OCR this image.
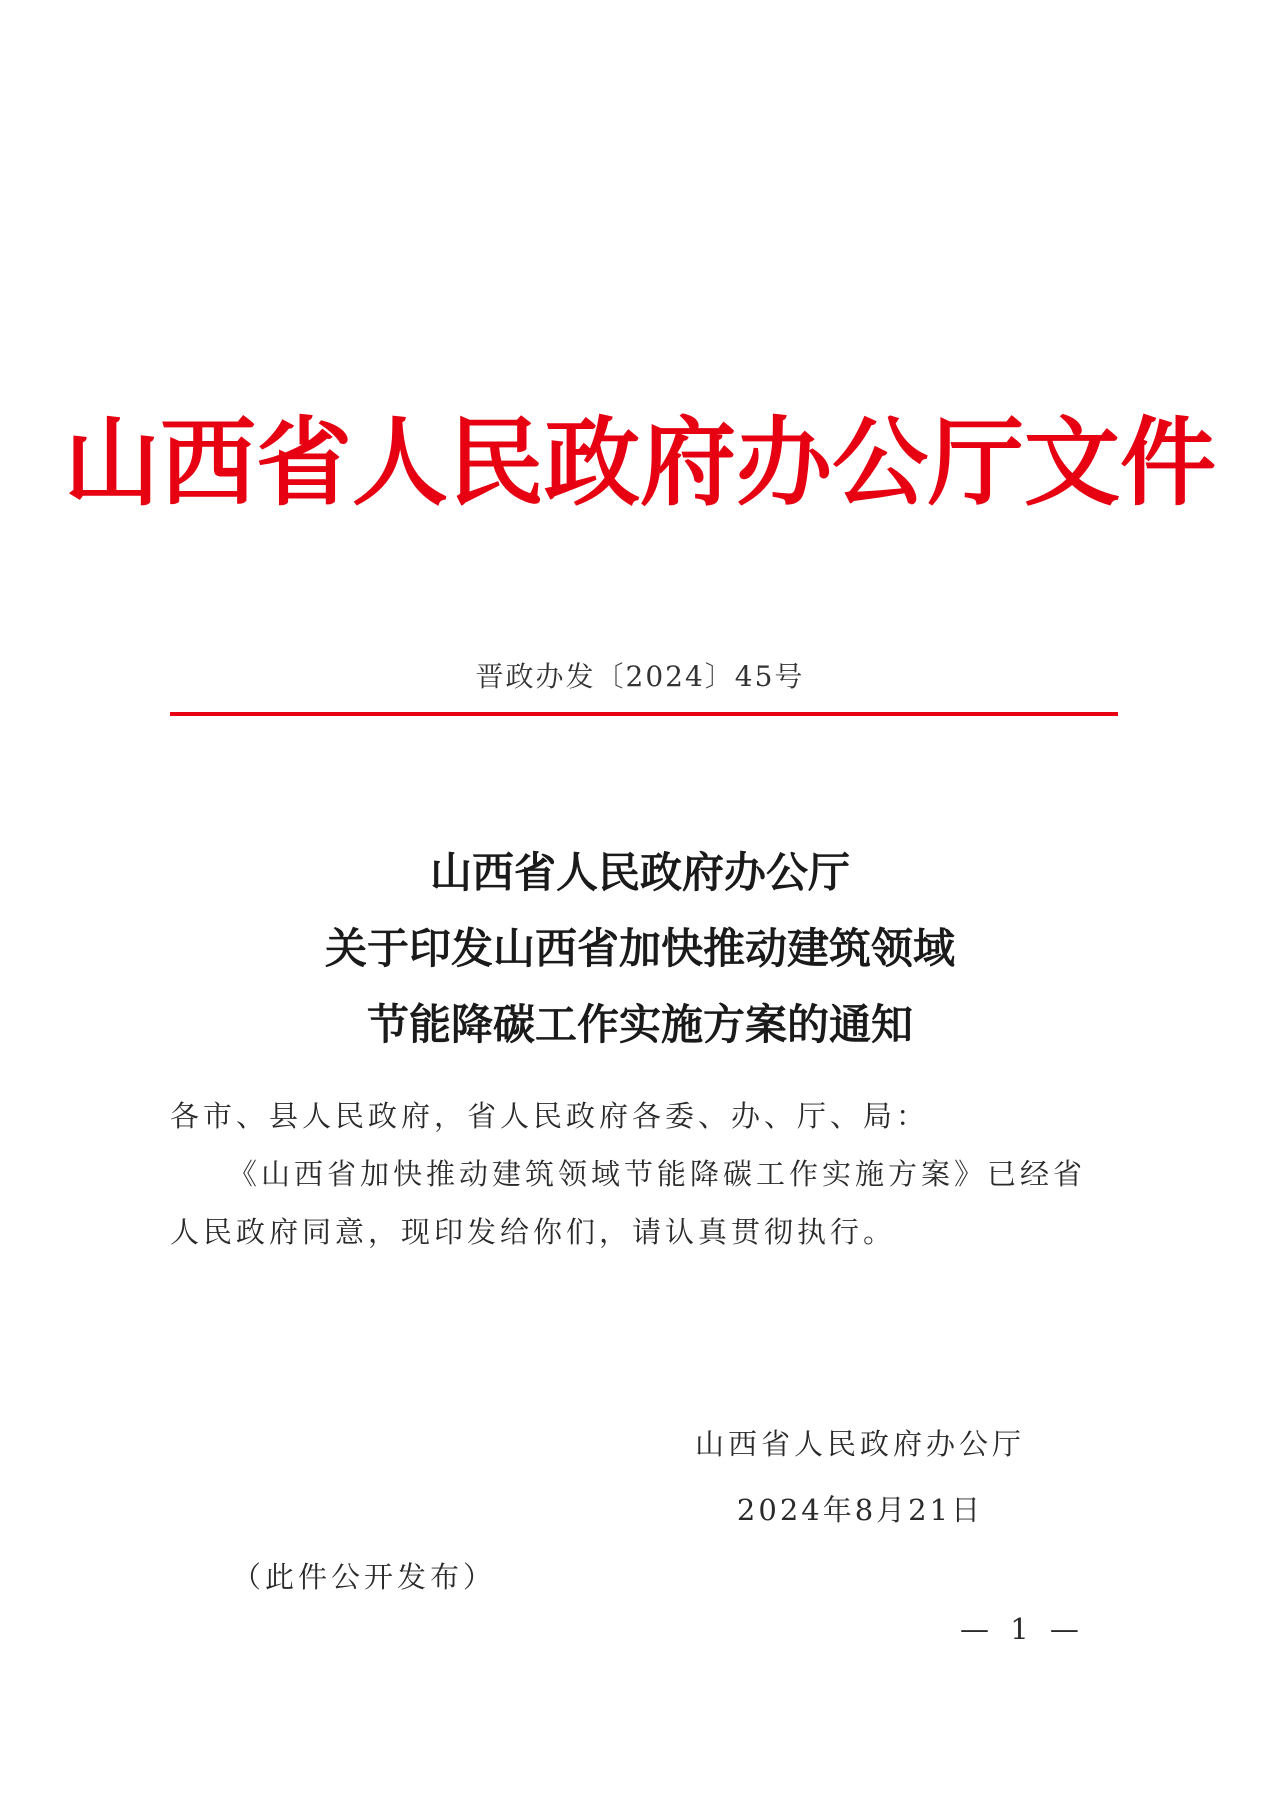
山西省人民政府办公厅文件
晋政办发〔2024〕45号
山西省人民政府办公厅
关于印发山西省加快推动建筑领域
节能降碳工作实施方案的通知
各市、县人民政府，省人民政府各委、办、厅、局：
《山西省加快推动建筑领域节能降碳工作实施方案》已经省人民政府同意，现印发给你们，请认真贯彻执行。
山西省人民政府办公厅
2024年8月21日
（此件公开发布）
— 1 —
